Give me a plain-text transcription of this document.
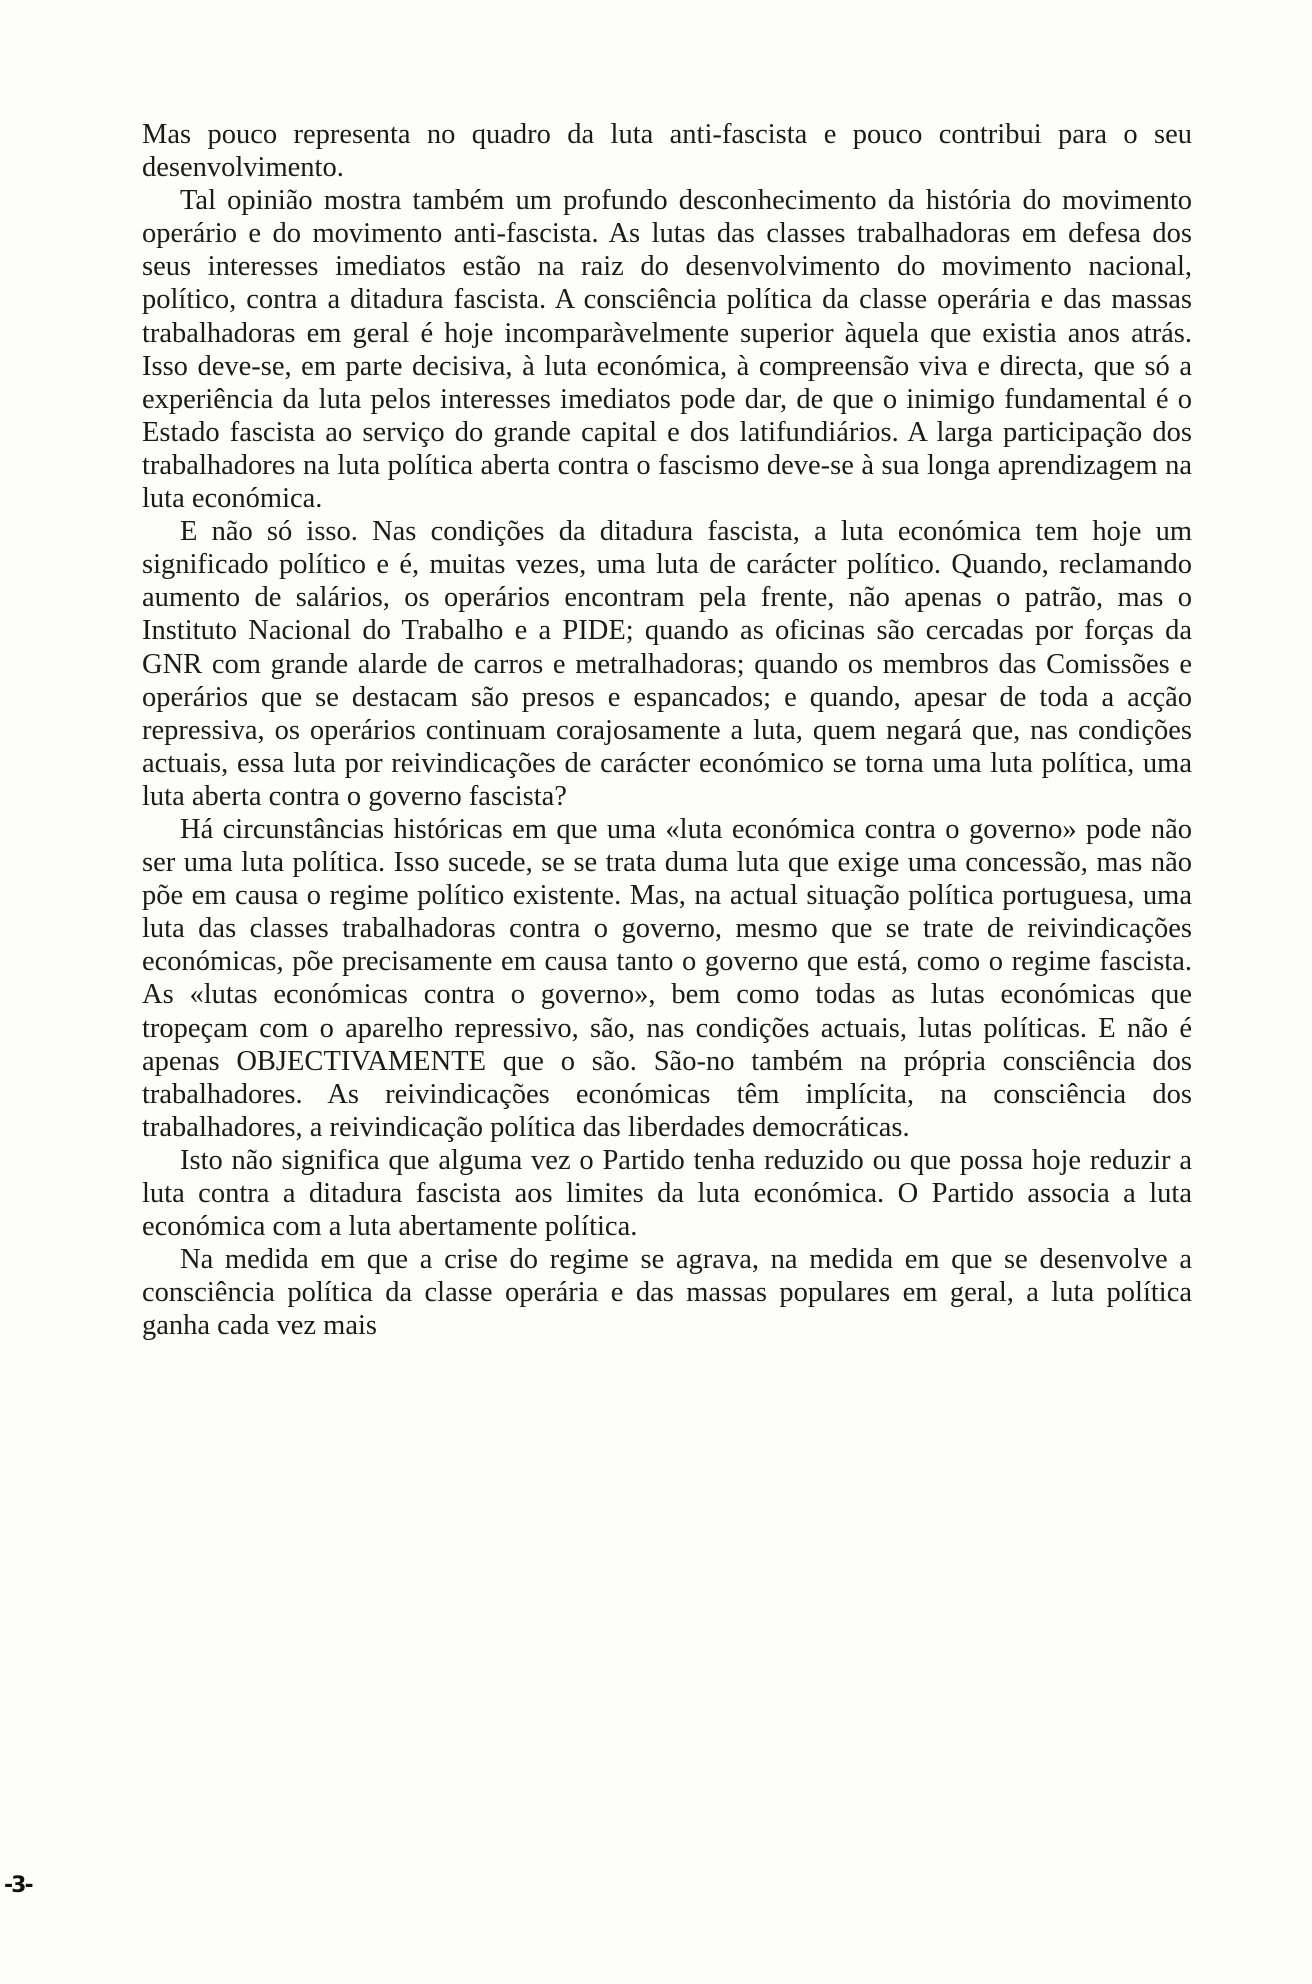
Mas pouco representa no quadro da luta anti-fascista e pouco contribui para o seu desenvolvimento.

Tal opinião mostra também um profundo desconhecimento da história do movimento operário e do movimento anti-fascista. As lutas das classes trabalhadoras em defesa dos seus interesses imediatos estão na raiz do desenvolvimento do movimento nacional, político, contra a ditadura fascista. A consciência política da classe operária e das massas trabalhadoras em geral é hoje incomparàvelmente superior àquela que existia anos atrás. Isso deve-se, em parte decisiva, à luta económica, à compreensão viva e directa, que só a experiência da luta pelos interesses imediatos pode dar, de que o inimigo fundamental é o Estado fascista ao serviço do grande capital e dos latifundiários. A larga participação dos trabalhadores na luta política aberta contra o fascismo deve-se à sua longa aprendizagem na luta económica.

E não só isso. Nas condições da ditadura fascista, a luta económica tem hoje um significado político e é, muitas vezes, uma luta de carácter político. Quando, reclamando aumento de salários, os operários encontram pela frente, não apenas o patrão, mas o Instituto Nacional do Trabalho e a PIDE; quando as oficinas são cercadas por forças da GNR com grande alarde de carros e metralhadoras; quando os membros das Comissões e operários que se destacam são presos e espancados; e quando, apesar de toda a acção repressiva, os operários continuam corajosamente a luta, quem negará que, nas condições actuais, essa luta por reivindicações de carácter económico se torna uma luta política, uma luta aberta contra o governo fascista?

Há circunstâncias históricas em que uma «luta económica contra o governo» pode não ser uma luta política. Isso sucede, se se trata duma luta que exige uma concessão, mas não põe em causa o regime político existente. Mas, na actual situação política portuguesa, uma luta das classes trabalhadoras contra o governo, mesmo que se trate de reivindicações económicas, põe precisamente em causa tanto o governo que está, como o regime fascista. As «lutas económicas contra o governo», bem como todas as lutas económicas que tropeçam com o aparelho repressivo, são, nas condições actuais, lutas políticas. E não é apenas OBJECTIVAMENTE que o são. São-no também na própria consciência dos trabalhadores. As reivindicações económicas têm implícita, na consciência dos trabalhadores, a reivindicação política das liberdades democráticas.

Isto não significa que alguma vez o Partido tenha reduzido ou que possa hoje reduzir a luta contra a ditadura fascista aos limites da luta económica. O Partido associa a luta económica com a luta abertamente política.

Na medida em que a crise do regime se agrava, na medida em que se desenvolve a consciência política da classe operária e das massas populares em geral, a luta política ganha cada vez mais

-3-
